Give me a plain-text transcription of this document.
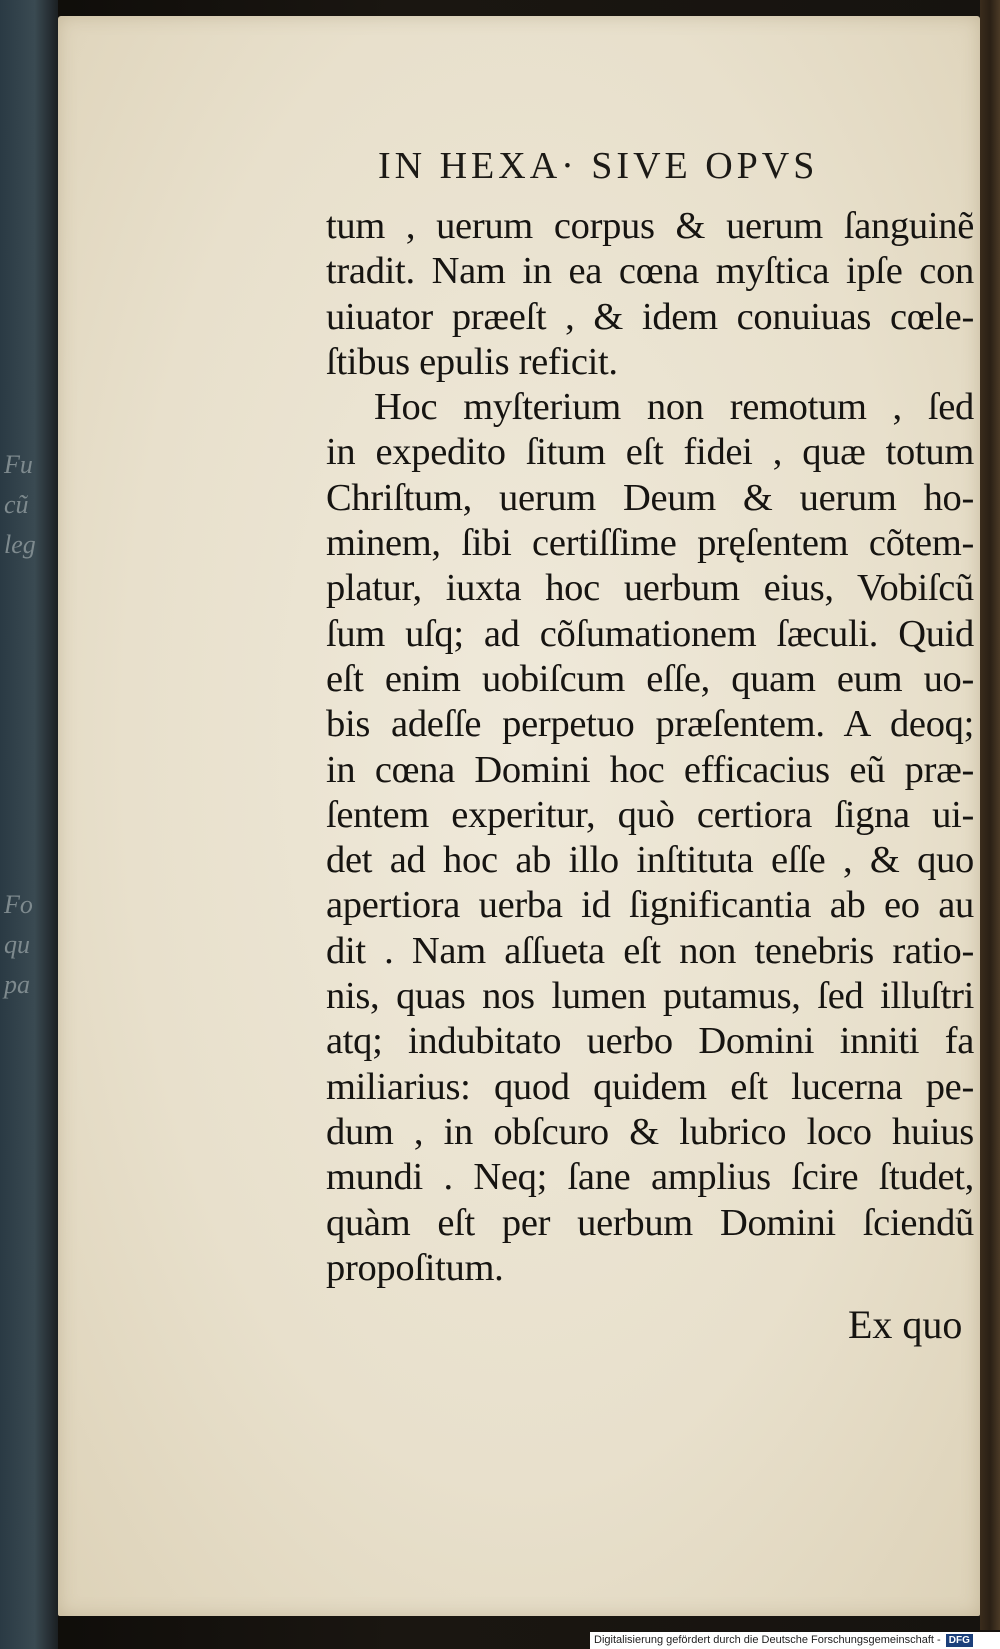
Fu
cũ
leg
Fo
qu
pa
IN HEXA· SIVE OPVS
tum , uerum corpus & uerum ſanguinẽ
tradit. Nam in ea cœna myſtica ipſe con
uiuator præeſt , & idem conuiuas cœle-
ſtibus epulis reficit.
Hoc myſterium non remotum , ſed
in expedito ſitum eſt fidei , quæ totum
Chriſtum, uerum Deum & uerum ho-
minem, ſibi certiſſime pręſentem cõtem-
platur, iuxta hoc uerbum eius, Vobiſcũ
ſum uſq; ad cõſumationem ſæculi. Quid
eſt enim uobiſcum eſſe, quam eum uo-
bis adeſſe perpetuo præſentem. A deoq;
in cœna Domini hoc efficacius eũ præ-
ſentem experitur, quò certiora ſigna ui-
det ad hoc ab illo inſtituta eſſe , & quo
apertiora uerba id ſignificantia ab eo au
dit . Nam aſſueta eſt non tenebris ratio-
nis, quas nos lumen putamus, ſed illuſtri
atq; indubitato uerbo Domini inniti fa
miliarius: quod quidem eſt lucerna pe-
dum , in obſcuro & lubrico loco huius
mundi . Neq; ſane amplius ſcire ſtudet,
quàm eſt per uerbum Domini ſciendũ
propoſitum.
Ex quo
Digitalisierung gefördert durch die Deutsche Forschungsgemeinschaft - DFG
